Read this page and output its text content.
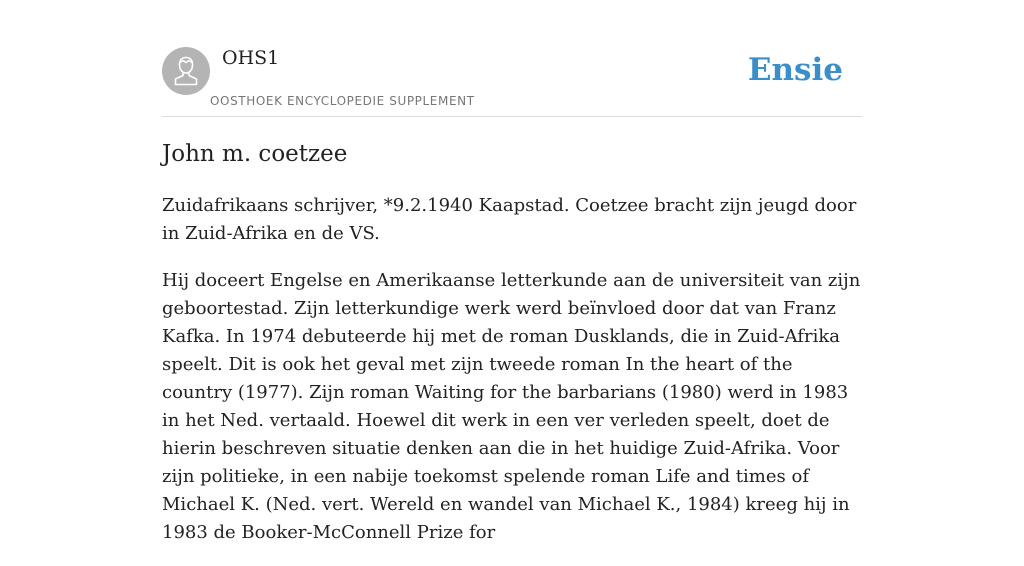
OHS1
OOSTHOEK ENCYCLOPEDIE SUPPLEMENT
Ensie
John m. coetzee

Zuidafrikaans schrijver, *9.2.1940 Kaapstad. Coetzee bracht zijn jeugd door in Zuid-Afrika en de VS.

Hij doceert Engelse en Amerikaanse letterkunde aan de universiteit van zijn geboortestad. Zijn letterkundige werk werd beïnvloed door dat van Franz Kafka. In 1974 debuteerde hij met de roman Dusklands, die in Zuid-Afrika speelt. Dit is ook het geval met zijn tweede roman In the heart of the country (1977). Zijn roman Waiting for the barbarians (1980) werd in 1983 in het Ned. vertaald. Hoewel dit werk in een ver verleden speelt, doet de hierin beschreven situatie denken aan die in het huidige Zuid-Afrika. Voor zijn politieke, in een nabije toekomst spelende roman Life and times of Michael K. (Ned. vert. Wereld en wandel van Michael K., 1984) kreeg hij in 1983 de Booker-McConnell Prize for
